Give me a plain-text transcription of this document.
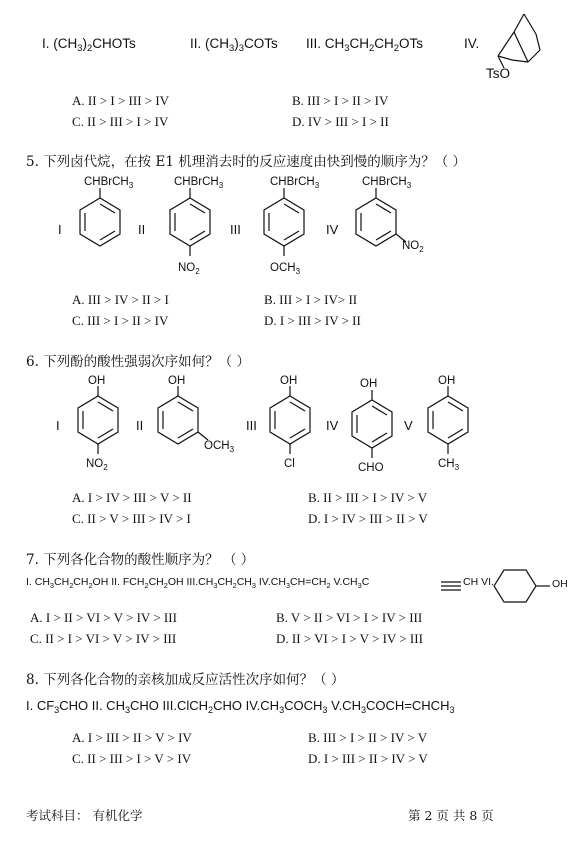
I. $(CH_3)_2CHOTs$	II. $(CH_3)_3COTs$ III. $CH_3CH_2CH_2OTs$	IV.
TsO
A. II > I > III > IV	B. III > I > II > IV
C. II > III > I > IV	D. IV > III > I > II
5. 下列卤代烷，在按 E1 机理消去时的反应速度由快到慢的顺序为？（ ）
I
CHBrCH$_3$
II
CHBrCH$_3$
$NO_2$
III
CHBrCH$_3$
$OCH_3$
IV
CHBrCH$_3$
$NO_2$
A. III > IV > II > I	B. III > I > IV> II
C. III > I > II > IV	D. I > III > IV > II
6. 下列酚的酸性强弱次序如何？（ ）
I
OH
$NO_2$
II
OH
$OCH_3$
III
OH
Cl
IV
OH
CHO
V
OH
$CH_3$
A. I > IV > III > V > II	B. II > III > I > IV > V
C. II > V > III > IV > I	D. I > IV > III > II > V
7. 下列各化合物的酸性顺序为？ （ ）
I. $CH_3CH_2CH_2OH$ II. $FCH_2CH_2OH$ $III.CH_3CH_2CH_3$ $IV.CH_3CH=CH_2$ $V.CH_3C$	CH VI.	OH
A. I > II > VI > V > IV > III	B. V > II > VI > I > IV > III
C. II > I > VI > V > IV > III	D. II > VI > I > V > IV > III
8. 下列各化合物的亲核加成反应活性次序如何？（ ）
I. $CF_3CHO$ II. $CH_3CHO$ III.ClCH$_2$CHO $IV.CH_3COCH_3$ $V.CH_3COCH=CHCH_3$
A. I > III > II > V > IV	B. III > I > II > IV > V
C. II > III > I > V > IV	D. I > III > II > IV > V
考试科目： 有机化学	第 2 页 共 8 页
